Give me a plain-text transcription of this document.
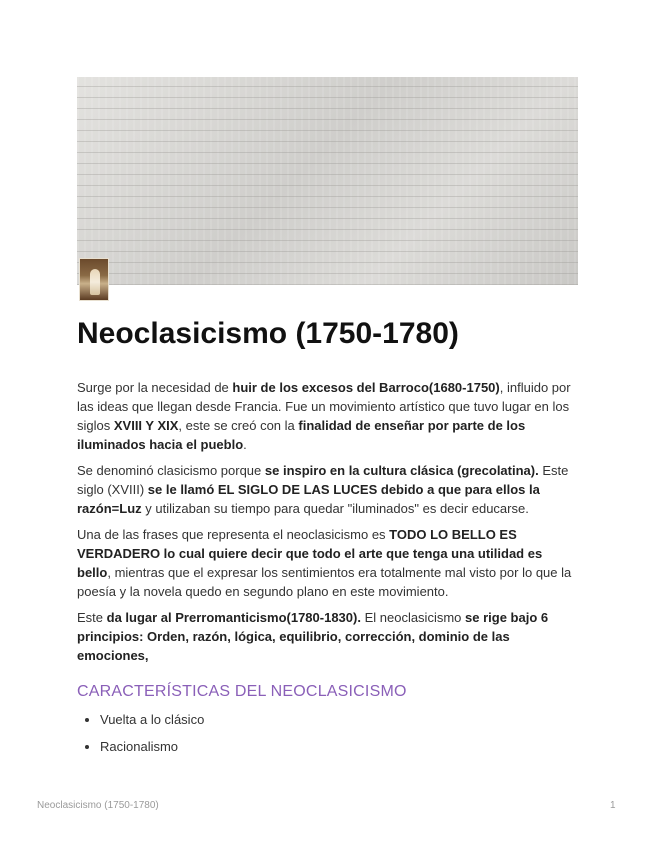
Neoclasicismo (1750-1780)

Surge por la necesidad de huir de los excesos del Barroco(1680-1750), influido por las ideas que llegan desde Francia. Fue un movimiento artístico que tuvo lugar en los siglos XVIII Y XIX, este se creó con la finalidad de enseñar por parte de los iluminados hacia el pueblo.

Se denominó clasicismo porque se inspiro en la cultura clásica (grecolatina). Este siglo (XVIII) se le llamó EL SIGLO DE LAS LUCES debido a que para ellos la razón=Luz y utilizaban su tiempo para quedar "iluminados" es decir educarse.

Una de las frases que representa el neoclasicismo es TODO LO BELLO ES VERDADERO lo cual quiere decir que todo el arte que tenga una utilidad es bello, mientras que el expresar los sentimientos era totalmente mal visto por lo que la poesía y la novela quedo en segundo plano en este movimiento.

Este da lugar al Prerromanticismo(1780-1830). El neoclasicismo se rige bajo 6 principios: Orden, razón, lógica, equilibrio, corrección, dominio de las emociones,

CARACTERÍSTICAS DEL NEOCLASICISMO
• Vuelta a lo clásico
• Racionalismo
Neoclasicismo (1750-1780)	1
